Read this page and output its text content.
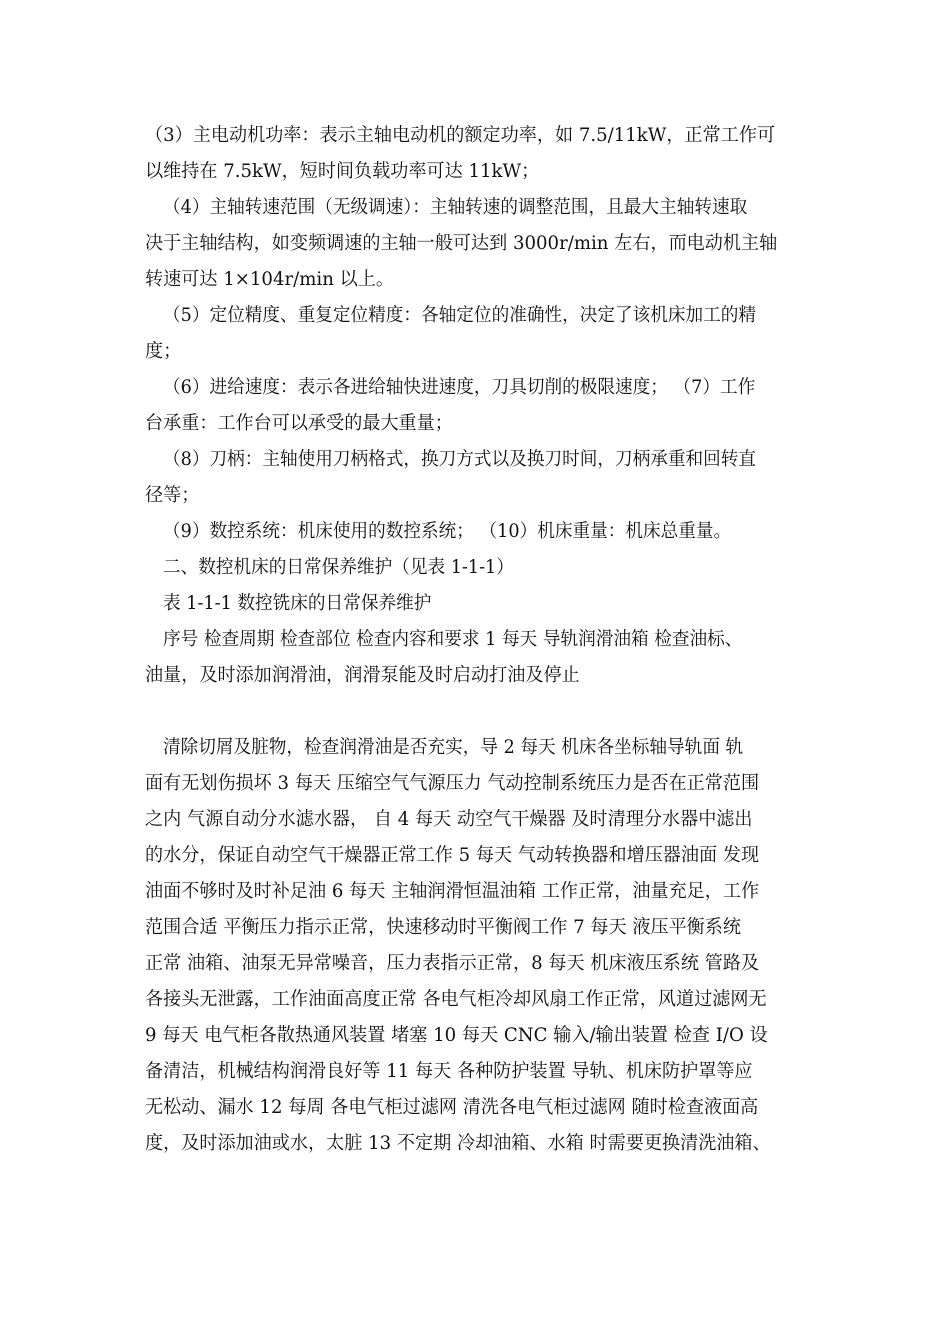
（3）主电动机功率：表示主轴电动机的额定功率，如 7.5/11kW，正常工作可
以维持在 7.5kW，短时间负载功率可达 11kW；
（4）主轴转速范围（无级调速）：主轴转速的调整范围，且最大主轴转速取
决于主轴结构，如变频调速的主轴一般可达到 3000r/min 左右，而电动机主轴
转速可达 1×104r/min 以上。
（5）定位精度、重复定位精度：各轴定位的准确性，决定了该机床加工的精
度；
（6）进给速度：表示各进给轴快进速度，刀具切削的极限速度； （7）工作
台承重：工作台可以承受的最大重量；
（8）刀柄：主轴使用刀柄格式，换刀方式以及换刀时间，刀柄承重和回转直
径等；
（9）数控系统：机床使用的数控系统； （10）机床重量：机床总重量。
二、数控机床的日常保养维护（见表 1-1-1）
表 1-1-1 数控铣床的日常保养维护
序号 检查周期 检查部位 检查内容和要求 1 每天 导轨润滑油箱 检查油标、
油量，及时添加润滑油，润滑泵能及时启动打油及停止
清除切屑及脏物，检查润滑油是否充实，导 2 每天 机床各坐标轴导轨面 轨
面有无划伤损坏 3 每天 压缩空气气源压力 气动控制系统压力是否在正常范围
之内 气源自动分水滤水器， 自 4 每天 动空气干燥器 及时清理分水器中滤出
的水分，保证自动空气干燥器正常工作 5 每天 气动转换器和增压器油面 发现
油面不够时及时补足油 6 每天 主轴润滑恒温油箱 工作正常，油量充足，工作
范围合适 平衡压力指示正常，快速移动时平衡阀工作 7 每天 液压平衡系统
正常 油箱、油泵无异常噪音，压力表指示正常，8 每天 机床液压系统 管路及
各接头无泄露，工作油面高度正常 各电气柜冷却风扇工作正常，风道过滤网无
9 每天 电气柜各散热通风装置 堵塞 10 每天 CNC 输入/输出装置 检查 I/O 设
备清洁，机械结构润滑良好等 11 每天 各种防护装置 导轨、机床防护罩等应
无松动、漏水 12 每周 各电气柜过滤网 清洗各电气柜过滤网 随时检查液面高
度，及时添加油或水，太脏 13 不定期 冷却油箱、水箱 时需要更换清洗油箱、
